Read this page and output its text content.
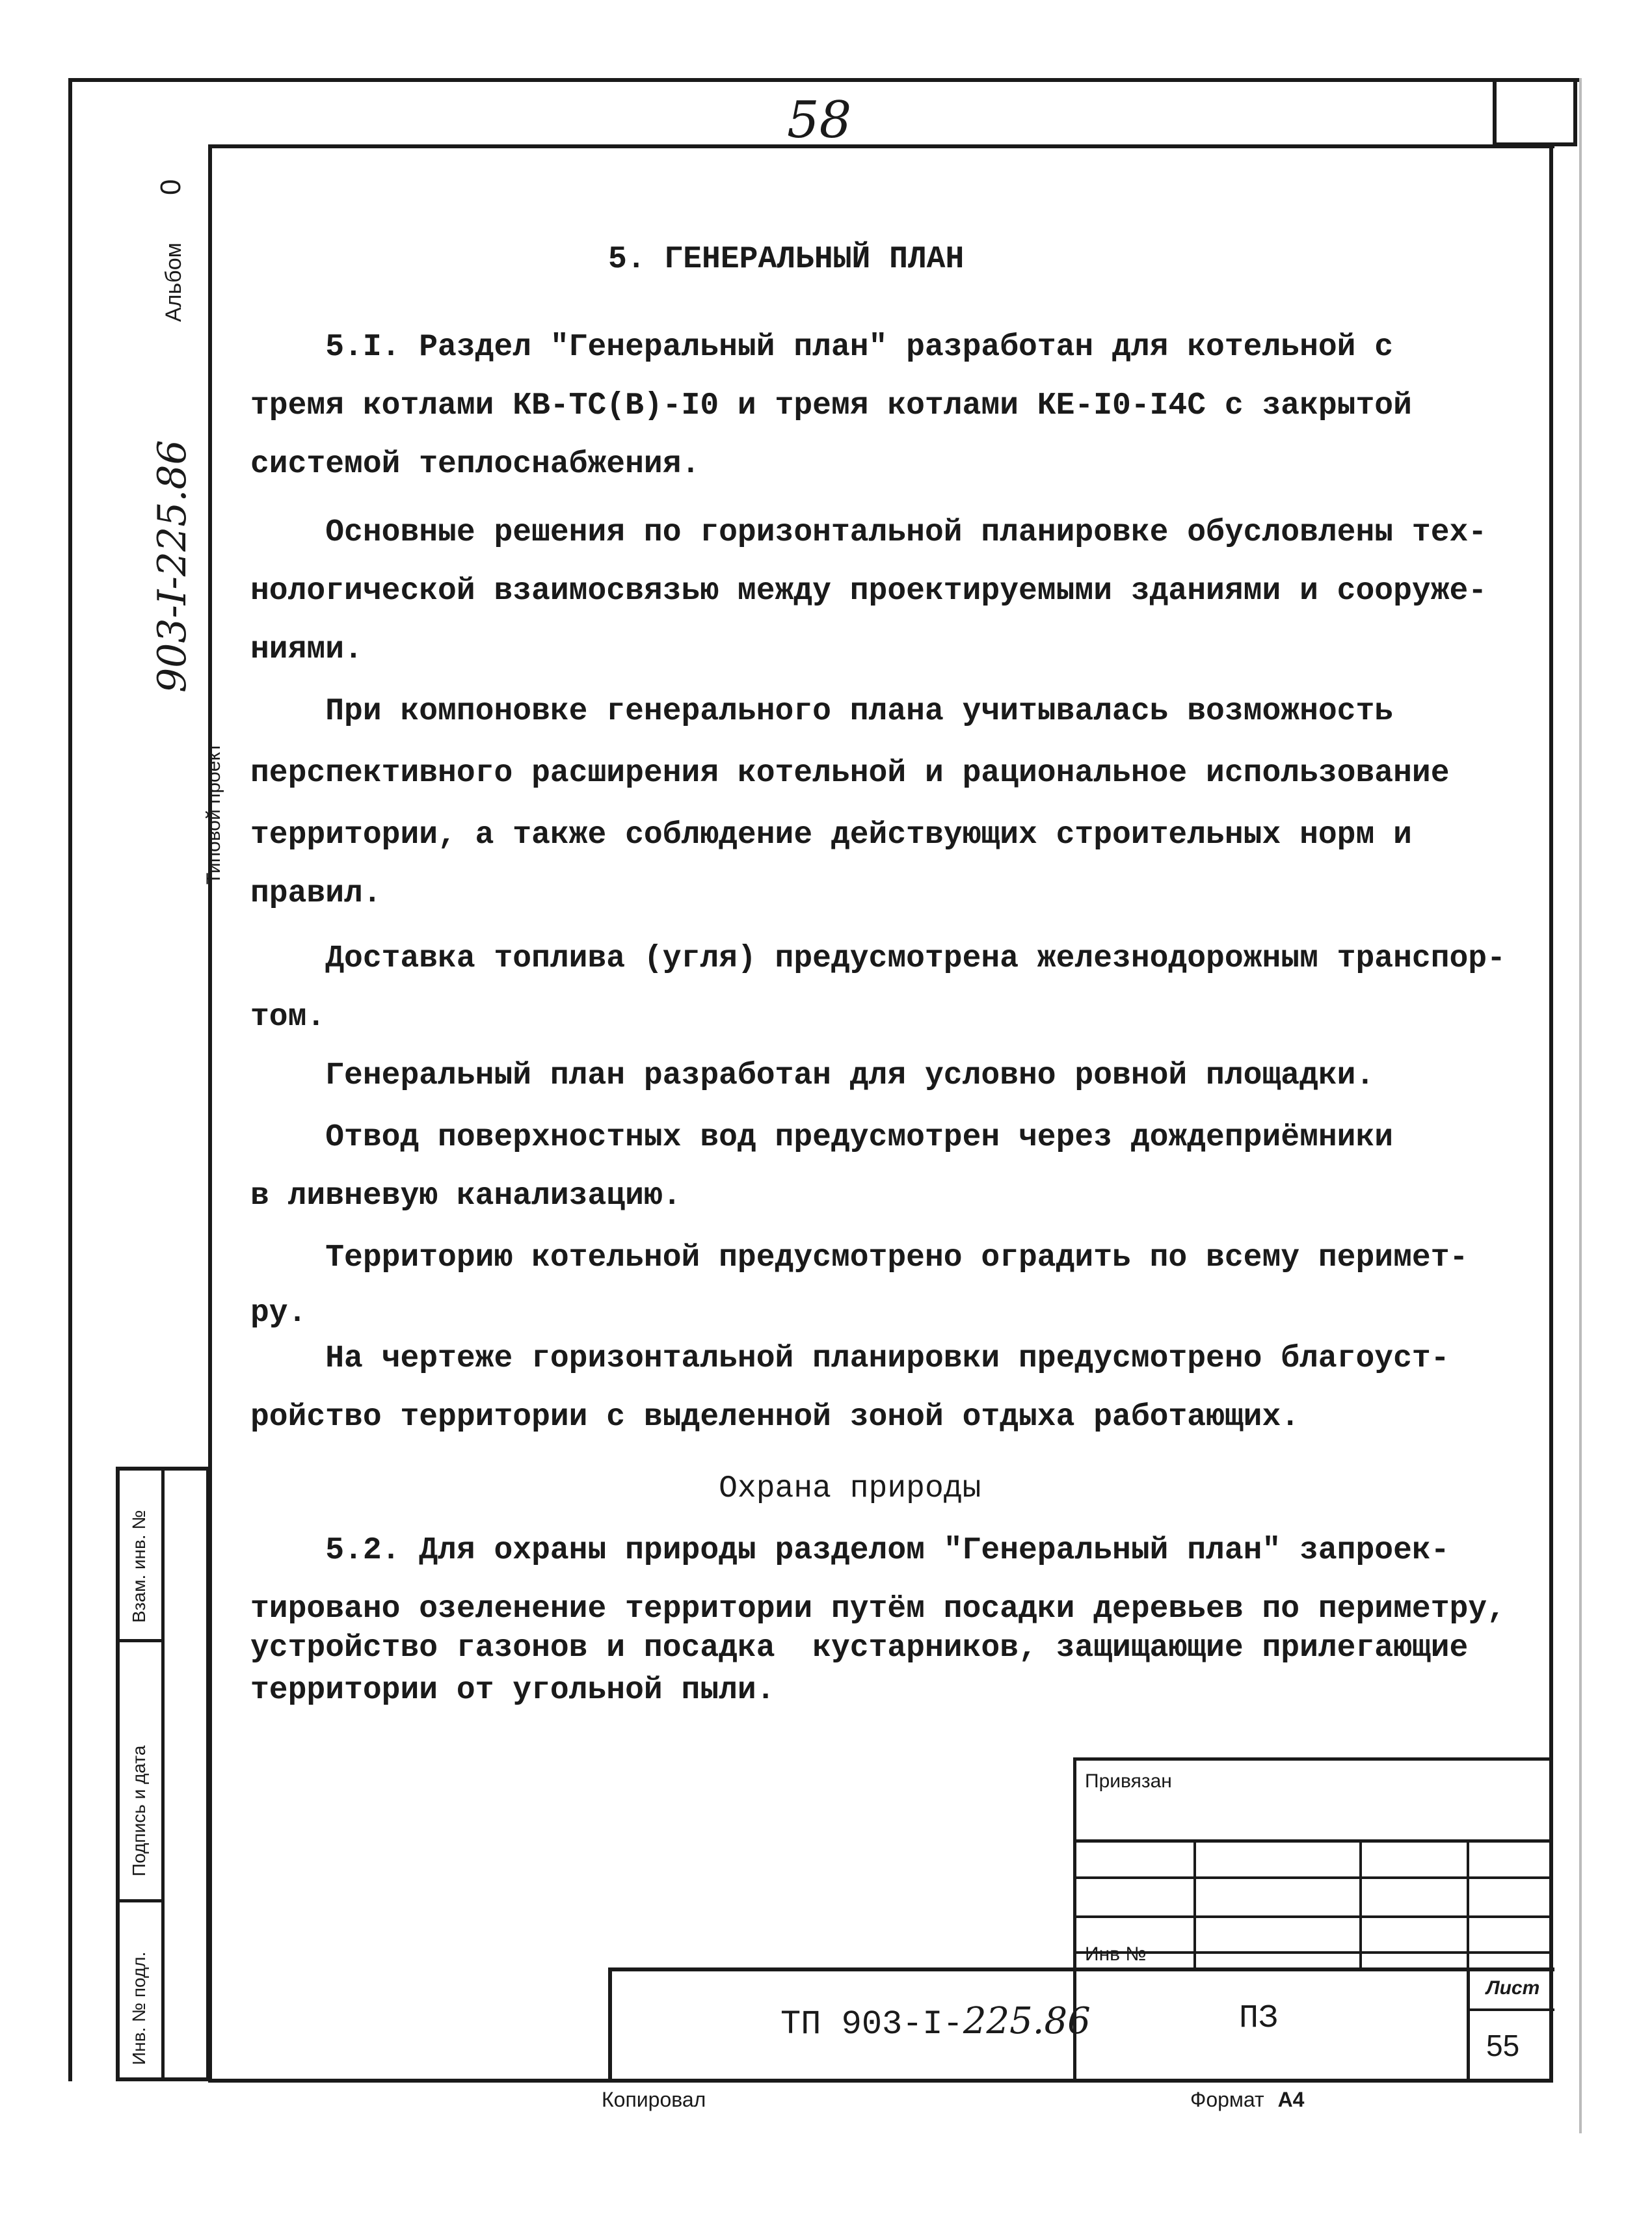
58
0
Альбом
903-I-225.86
Типовой проект
Взам. инв. №
Подпись и дата
Инв. № подл.
5. ГЕНЕРАЛЬНЫЙ ПЛАН
5.I. Раздел "Генеральный план" разработан для котельной с
тремя котлами КВ-ТС(В)-I0 и тремя котлами КЕ-I0-I4С с закрытой
системой теплоснабжения.
Основные решения по горизонтальной планировке обусловлены тех-
нологической взаимосвязью между проектируемыми зданиями и сооруже-
ниями.
При компоновке генерального плана учитывалась возможность
перспективного расширения котельной и рациональное использование
территории, а также соблюдение действующих строительных норм и
правил.
Доставка топлива (угля) предусмотрена железнодорожным транспор-
том.
Генеральный план разработан для условно ровной площадки.
Отвод поверхностных вод предусмотрен через дождеприёмники
в ливневую канализацию.
Территорию котельной предусмотрено оградить по всему перимет-
ру.
На чертеже горизонтальной планировки предусмотрено благоуст-
ройство территории с выделенной зоной отдыха работающих.
Охрана природы
5.2. Для охраны природы разделом "Генеральный план" запроек-
тировано озеленение территории путём посадки деревьев по периметру,
устройство газонов и посадка  кустарников, защищающие прилегающие
территории от угольной пыли.
Привязан
Инв №
ТП 903-I-225.86	ПЗ
Лист
55
Копировал	Формат А4
